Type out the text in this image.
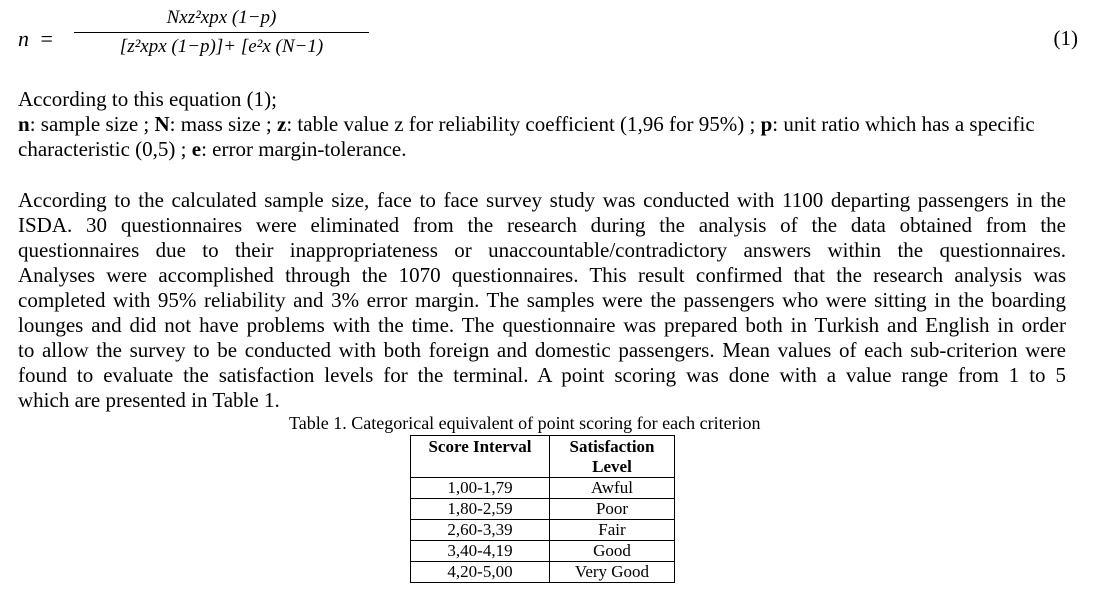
n =
Nxz²xpx (1−p)
[z²xpx (1−p)]+ [e²x (N−1)	(1)
According to this equation (1);
n: sample size ; N: mass size ; z: table value z for reliability coefficient (1,96 for 95%) ; p: unit ratio which has a specific characteristic (0,5) ; e: error margin-tolerance.
According to the calculated sample size, face to face survey study was conducted with 1100 departing passengers in the
ISDA. 30 questionnaires were eliminated from the research during the analysis of the data obtained from the
questionnaires due to their inappropriateness or unaccountable/contradictory answers within the questionnaires.
Analyses were accomplished through the 1070 questionnaires. This result confirmed that the research analysis was
completed with 95% reliability and 3% error margin. The samples were the passengers who were sitting in the boarding
lounges and did not have problems with the time. The questionnaire was prepared both in Turkish and English in order
to allow the survey to be conducted with both foreign and domestic passengers. Mean values of each sub-criterion were
found to evaluate the satisfaction levels for the terminal. A point scoring was done with a value range from 1 to 5
which are presented in Table 1.
Table 1. Categorical equivalent of point scoring for each criterion
Score Interval	Satisfaction Level
1,00-1,79	Awful
1,80-2,59	Poor
2,60-3,39	Fair
3,40-4,19	Good
4,20-5,00	Very Good
